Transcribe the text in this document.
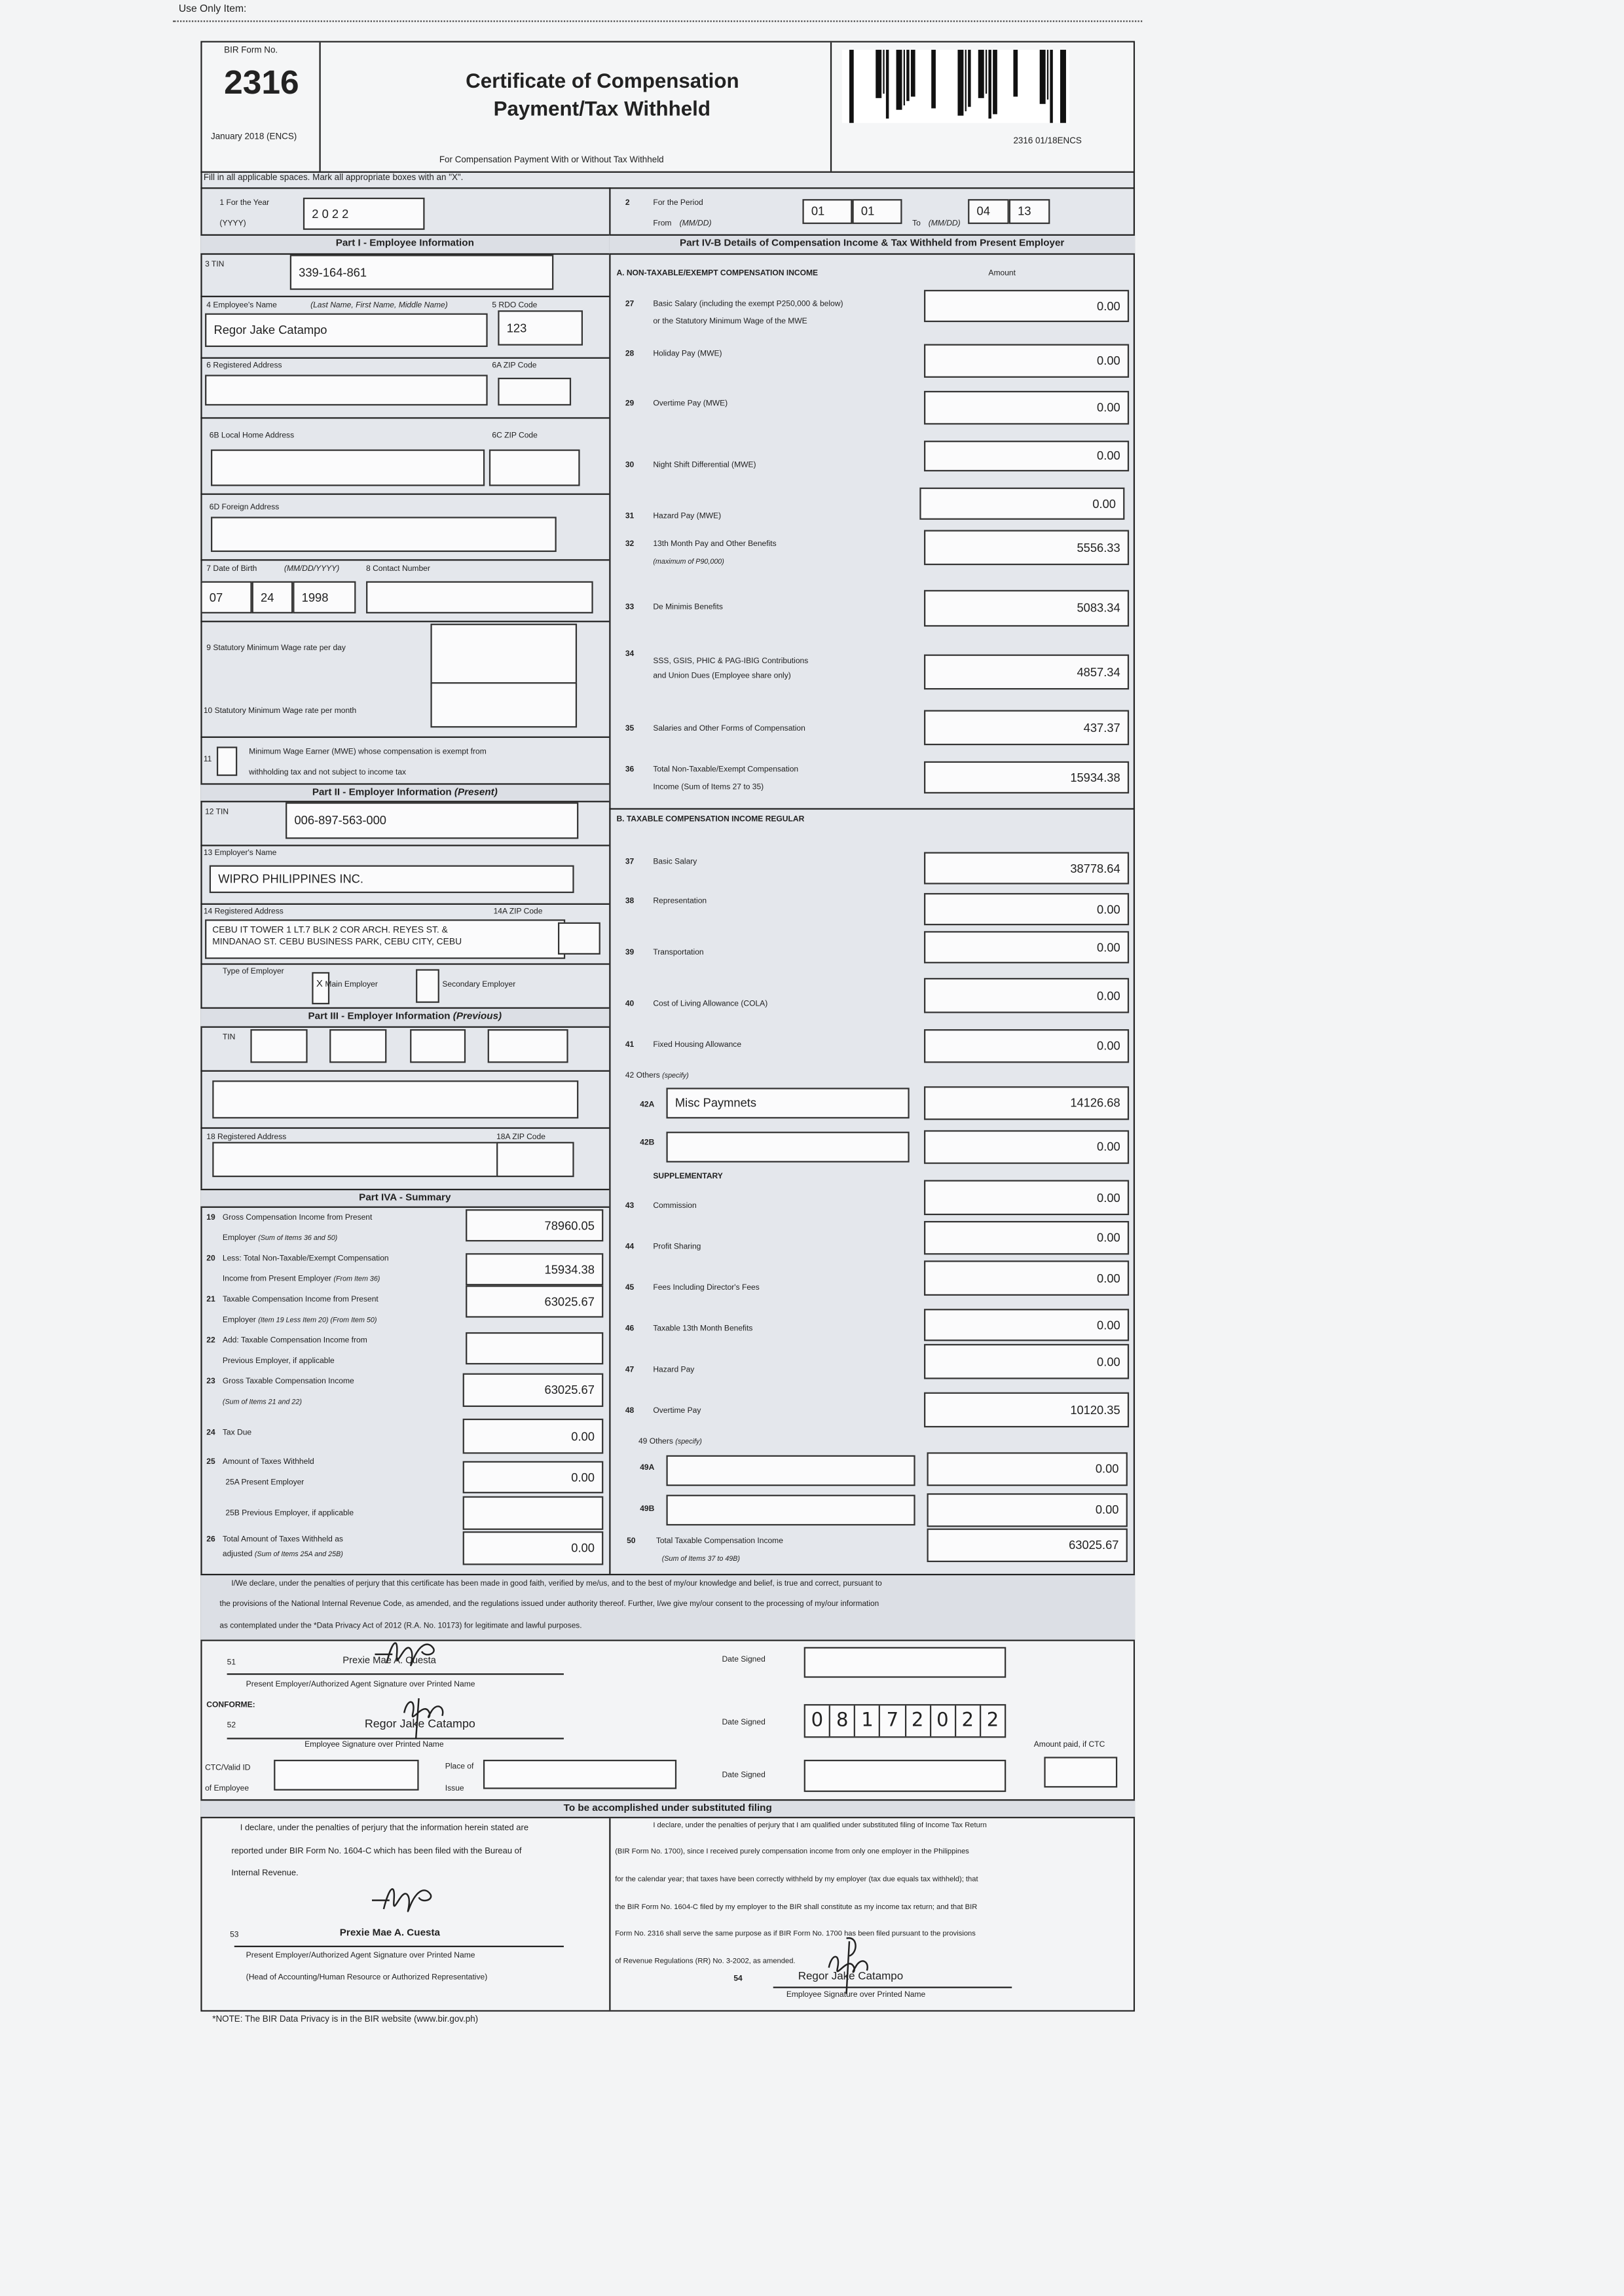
Use Only Item:
BIR Form No.
2316
January 2018 (ENCS)
Certificate of Compensation
Payment/Tax Withheld
For Compensation Payment With or Without Tax Withheld
2316 01/18ENCS
Fill in all applicable spaces. Mark all appropriate boxes with an "X".
1 For the Year
(YYYY)
2 0 2 2
2	For the Period
From (MM/DD)
01	01
To (MM/DD)
04	13
Part I - Employee Information	Part IV-B Details of Compensation Income & Tax Withheld from Present Employer
3 TIN
339-164-861
4 Employee's Name	(Last Name, First Name, Middle Name)	5 RDO Code
Regor Jake Catampo	123
6 Registered Address	6A ZIP Code
6B Local Home Address	6C ZIP Code
6D Foreign Address
7 Date of Birth	(MM/DD/YYYY)	8 Contact Number
07	24	1998
9 Statutory Minimum Wage rate per day
10 Statutory Minimum Wage rate per month
11
Minimum Wage Earner (MWE) whose compensation is exempt from
withholding tax and not subject to income tax
Part II - Employer Information (Present)
12 TIN
006-897-563-000
13 Employer's Name
WIPRO PHILIPPINES INC.
14 Registered Address	14A ZIP Code
CEBU IT TOWER 1 LT.7 BLK 2 COR ARCH. REYES ST. &
MINDANAO ST. CEBU BUSINESS PARK, CEBU CITY, CEBU
Type of Employer
X Main Employer	Secondary Employer
Part III - Employer Information (Previous)
TIN
18 Registered Address	18A ZIP Code
Part IVA - Summary
19 Gross Compensation Income from Present
Employer (Sum of Items 36 and 50)
78960.05
20 Less: Total Non-Taxable/Exempt Compensation
Income from Present Employer (From Item 36)
15934.38
21 Taxable Compensation Income from Present
Employer (Item 19 Less Item 20) (From Item 50)
63025.67
22 Add: Taxable Compensation Income from
Previous Employer, if applicable
23 Gross Taxable Compensation Income
(Sum of Items 21 and 22)
63025.67
24 Tax Due	0.00
25 Amount of Taxes Withheld
25A Present Employer	0.00
25B Previous Employer, if applicable
26 Total Amount of Taxes Withheld as
adjusted (Sum of Items 25A and 25B)
0.00
A. NON-TAXABLE/EXEMPT COMPENSATION INCOME	Amount
27	Basic Salary (including the exempt P250,000 & below)
or the Statutory Minimum Wage of the MWE
0.00
28	Holiday Pay (MWE)	0.00
29	Overtime Pay (MWE)	0.00
30	Night Shift Differential (MWE)
0.00
31	Hazard Pay (MWE)
0.00
32	13th Month Pay and Other Benefits
(maximum of P90,000)
5556.33
33	De Minimis Benefits	5083.34
34
SSS, GSIS, PHIC & PAG-IBIG Contributions
and Union Dues (Employee share only)	4857.34
35	Salaries and Other Forms of Compensation	437.37
36	Total Non-Taxable/Exempt Compensation
Income (Sum of Items 27 to 35)
15934.38
B. TAXABLE COMPENSATION INCOME REGULAR
37	Basic Salary	38778.64
38	Representation
0.00
39	Transportation	0.00
40	Cost of Living Allowance (COLA)
0.00
41	Fixed Housing Allowance	0.00
42 Others (specify)
42A	Misc Paymnets	14126.68
42B	0.00
SUPPLEMENTARY
43	Commission
0.00
44	Profit Sharing
0.00
45	Fees Including Director's Fees
0.00
46	Taxable 13th Month Benefits	0.00
47	Hazard Pay
0.00
48	Overtime Pay	10120.35
49 Others (specify)
49A	0.00
49B	0.00
50	Total Taxable Compensation Income
(Sum of Items 37 to 49B)
63025.67
I/We declare, under the penalties of perjury that this certificate has been made in good faith, verified by me/us, and to the best of my/our knowledge and belief, is true and correct, pursuant to
the provisions of the National Internal Revenue Code, as amended, and the regulations issued under authority thereof. Further, I/we give my/our consent to the processing of my/our information
as contemplated under the *Data Privacy Act of 2012 (R.A. No. 10173) for legitimate and lawful purposes.
51	Prexie Mae A. Cuesta
Present Employer/Authorized Agent Signature over Printed Name
Date Signed
CONFORME:
52	Regor Jake Catampo
Employee Signature over Printed Name
Date Signed	0	8	1	7	2	0	2	2
Amount paid, if CTC
CTC/Valid ID
of Employee
Place of
Issue
Date Signed
To be accomplished under substituted filing
I declare, under the penalties of perjury that the information herein stated are
reported under BIR Form No. 1604-C which has been filed with the Bureau of
Internal Revenue.
53	Prexie Mae A. Cuesta
Present Employer/Authorized Agent Signature over Printed Name
(Head of Accounting/Human Resource or Authorized Representative)
I declare, under the penalties of perjury that I am qualified under substituted filing of Income Tax Return
(BIR Form No. 1700), since I received purely compensation income from only one employer in the Philippines
for the calendar year; that taxes have been correctly withheld by my employer (tax due equals tax withheld); that
the BIR Form No. 1604-C filed by my employer to the BIR shall constitute as my income tax return; and that BIR
Form No. 2316 shall serve the same purpose as if BIR Form No. 1700 has been filed pursuant to the provisions
of Revenue Regulations (RR) No. 3-2002, as amended.
54	Regor Jake Catampo
Employee Signature over Printed Name
*NOTE: The BIR Data Privacy is in the BIR website (www.bir.gov.ph)
